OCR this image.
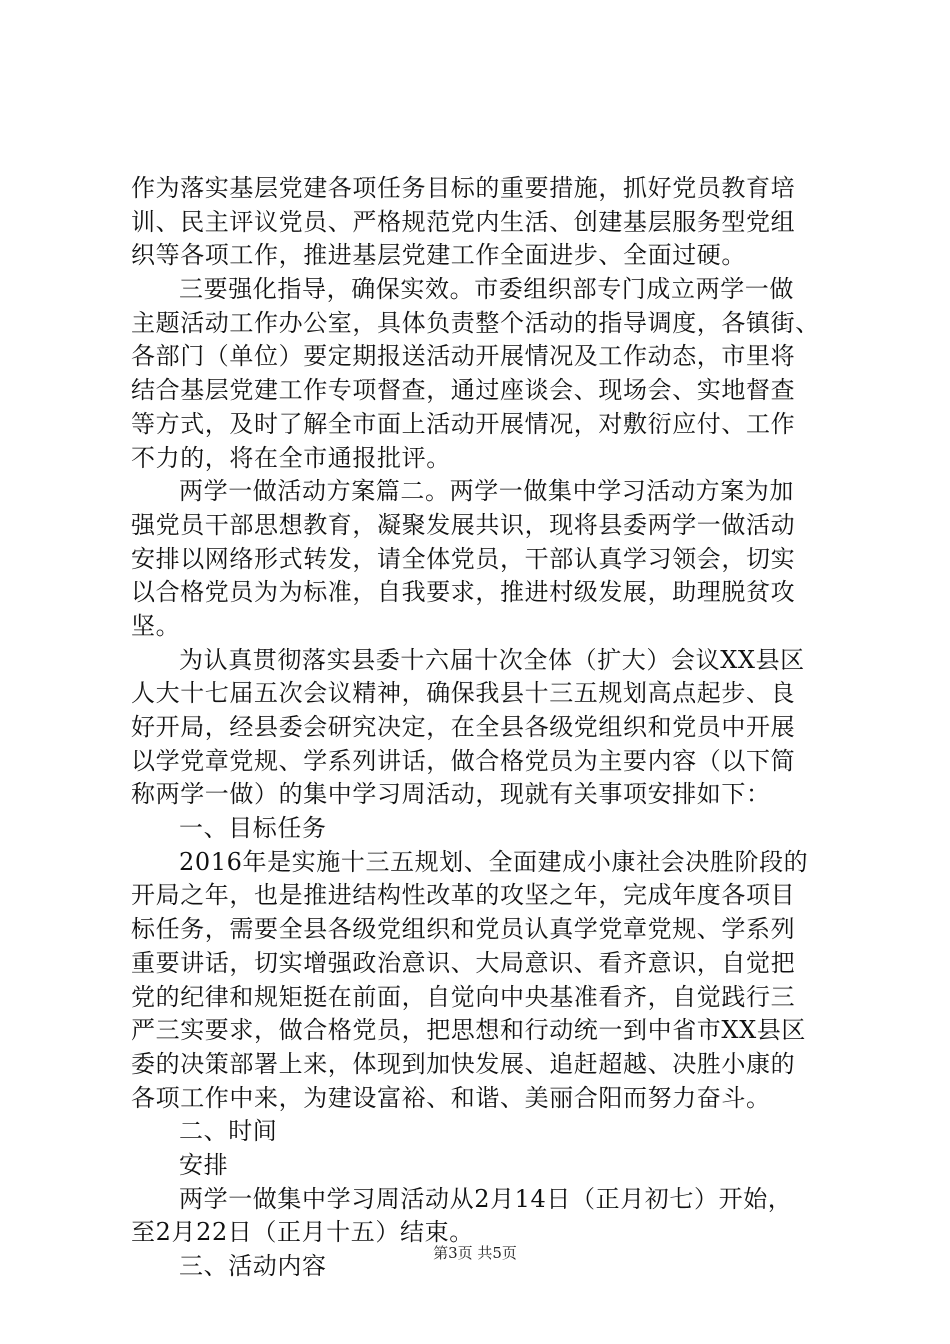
作为落实基层党建各项任务目标的重要措施，抓好党员教育培
训、民主评议党员、严格规范党内生活、创建基层服务型党组
织等各项工作，推进基层党建工作全面进步、全面过硬。
三要强化指导，确保实效。市委组织部专门成立两学一做
主题活动工作办公室，具体负责整个活动的指导调度，各镇街、
各部门（单位）要定期报送活动开展情况及工作动态，市里将
结合基层党建工作专项督查，通过座谈会、现场会、实地督查
等方式，及时了解全市面上活动开展情况，对敷衍应付、工作
不力的，将在全市通报批评。
两学一做活动方案篇二。两学一做集中学习活动方案为加
强党员干部思想教育，凝聚发展共识，现将县委两学一做活动
安排以网络形式转发，请全体党员，干部认真学习领会，切实
以合格党员为为标准，自我要求，推进村级发展，助理脱贫攻
坚。
为认真贯彻落实县委十六届十次全体（扩大）会议XX县区
人大十七届五次会议精神，确保我县十三五规划高点起步、良
好开局，经县委会研究决定，在全县各级党组织和党员中开展
以学党章党规、学系列讲话，做合格党员为主要内容（以下简
称两学一做）的集中学习周活动，现就有关事项安排如下：
一、目标任务
2016年是实施十三五规划、全面建成小康社会决胜阶段的
开局之年，也是推进结构性改革的攻坚之年，完成年度各项目
标任务，需要全县各级党组织和党员认真学党章党规、学系列
重要讲话，切实增强政治意识、大局意识、看齐意识，自觉把
党的纪律和规矩挺在前面，自觉向中央基准看齐，自觉践行三
严三实要求，做合格党员，把思想和行动统一到中省市XX县区
委的决策部署上来，体现到加快发展、追赶超越、决胜小康的
各项工作中来，为建设富裕、和谐、美丽合阳而努力奋斗。
二、时间
安排
两学一做集中学习周活动从2月14日（正月初七）开始，
至2月22日（正月十五）结束。
三、活动内容	第3页 共5页
